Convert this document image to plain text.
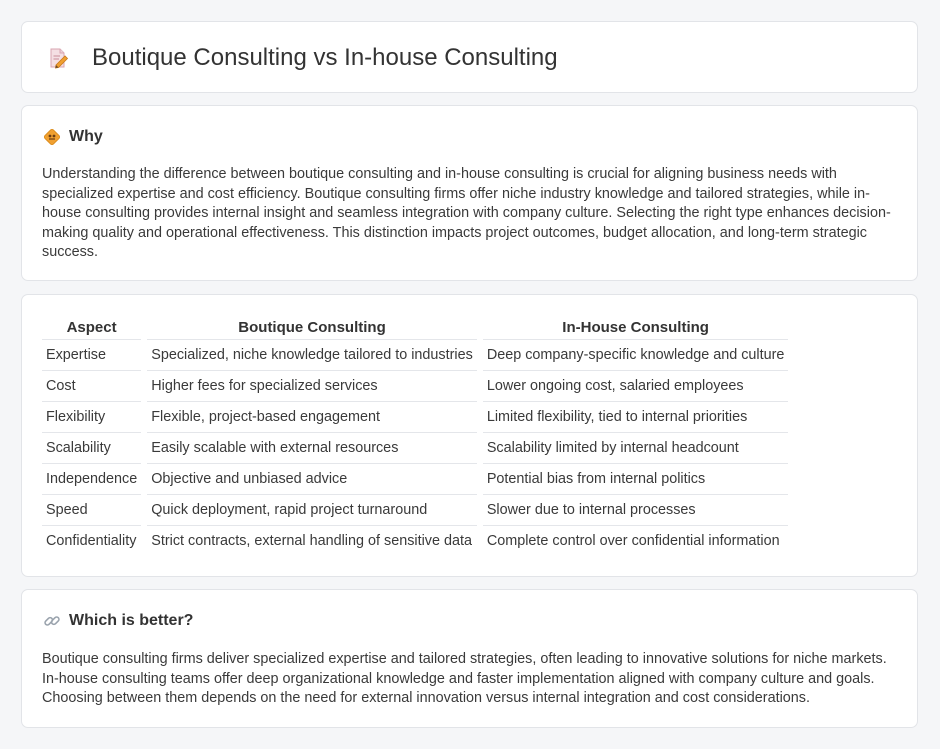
Boutique Consulting vs In-house Consulting
Why

Understanding the difference between boutique consulting and in-house consulting is crucial for aligning business needs with specialized expertise and cost efficiency. Boutique consulting firms offer niche industry knowledge and tailored strategies, while in-house consulting provides internal insight and seamless integration with company culture. Selecting the right type enhances decision-making quality and operational effectiveness. This distinction impacts project outcomes, budget allocation, and long-term strategic success.

Aspect	Boutique Consulting	In-House Consulting
Expertise	Specialized, niche knowledge tailored to industries	Deep company-specific knowledge and culture
Cost	Higher fees for specialized services	Lower ongoing cost, salaried employees
Flexibility	Flexible, project-based engagement	Limited flexibility, tied to internal priorities
Scalability	Easily scalable with external resources	Scalability limited by internal headcount
Independence	Objective and unbiased advice	Potential bias from internal politics
Speed	Quick deployment, rapid project turnaround	Slower due to internal processes
Confidentiality	Strict contracts, external handling of sensitive data	Complete control over confidential information
Which is better?

Boutique consulting firms deliver specialized expertise and tailored strategies, often leading to innovative solutions for niche markets. In-house consulting teams offer deep organizational knowledge and faster implementation aligned with company culture and goals. Choosing between them depends on the need for external innovation versus internal integration and cost considerations.
